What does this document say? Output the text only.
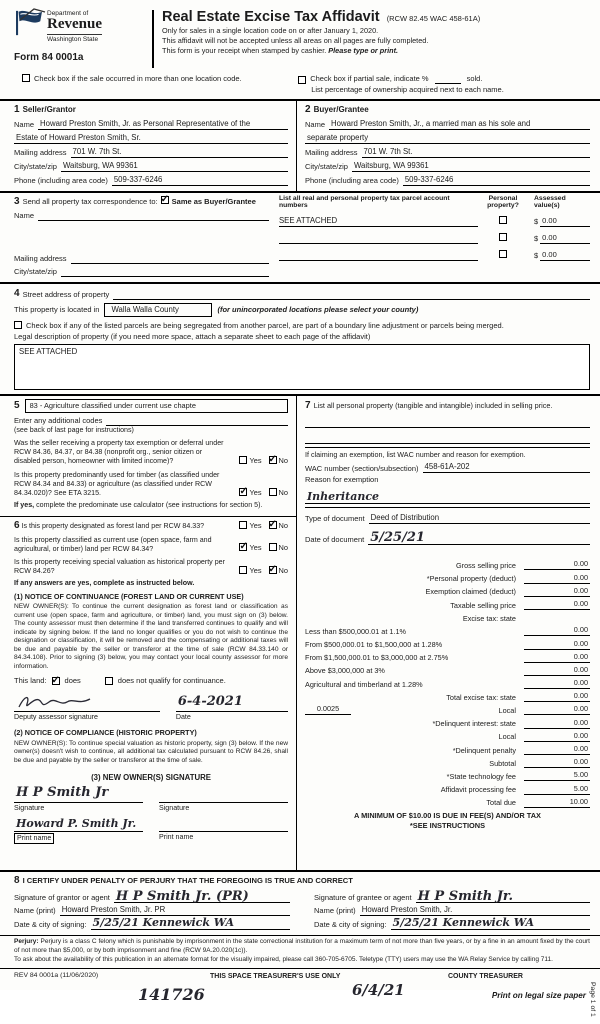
Department of
Revenue
Washington State
Form 84 0001a
Real Estate Excise Tax Affidavit (RCW 82.45 WAC 458-61A)
Only for sales in a single location code on or after January 1, 2020.
This affidavit will not be accepted unless all areas on all pages are fully completed.
This form is your receipt when stamped by cashier. Please type or print.
Check box if the sale occurred in more than one location code.	Check box if partial sale, indicate %	sold.
List percentage of ownership acquired next to each name.
1 Seller/Grantor
Name Howard Preston Smith, Jr. as Personal Representative of the
Estate of Howard Preston Smith, Sr.
Mailing address 701 W. 7th St.
City/state/zip Waitsburg, WA 99361
Phone (including area code) 509-337-6246
2 Buyer/Grantee
Name Howard Preston Smith, Jr., a married man as his sole and
separate property
Mailing address 701 W. 7th St.
City/state/zip Waitsburg, WA 99361
Phone (including area code) 509-337-6246
3 Send all property tax correspondence to: ✓ Same as Buyer/Grantee
Name
Mailing address
City/state/zip
List all real and personal property tax parcel account numbers
Personal property?
Assessed value(s)
SEE ATTACHED	$ 0.00
$ 0.00
$ 0.00
4 Street address of property
This property is located in	Walla Walla County	(for unincorporated locations please select your county)
Check box if any of the listed parcels are being segregated from another parcel, are part of a boundary line adjustment or parcels being merged.
Legal description of property (if you need more space, attach a separate sheet to each page of the affidavit)
SEE ATTACHED
5	83 - Agriculture classified under current use chapte
Enter any additional codes
(see back of last page for instructions)
Was the seller receiving a property tax exemption or deferral under RCW 84.36, 84.37, or 84.38 (nonprofit org., senior citizen or disabled person, homeowner with limited income)?	Yes ✓ No
Is this property predominantly used for timber (as classified under RCW 84.34 and 84.33) or agriculture (as classified under RCW 84.34.020)? See ETA 3215. ✓	Yes No
If yes, complete the predominate use calculator (see instructions for section 5).
6 Is this property designated as forest land per RCW 84.33?	Yes ✓ No
Is this property classified as current use (open space, farm and agricultural, or timber) land per RCW 84.34? ✓	Yes No
Is this property receiving special valuation as historical property per RCW 84.26?	Yes ✓ No
If any answers are yes, complete as instructed below.
(1) NOTICE OF CONTINUANCE (FOREST LAND OR CURRENT USE)
NEW OWNER(S): To continue the current designation as forest land or classification as current use (open space, farm and agriculture, or timber) land, you must sign on (3) below. The county assessor must then determine if the land transferred continues to qualify and will indicate by signing below. If the land no longer qualifies or you do not wish to continue the designation or classification, it will be removed and the compensating or additional taxes will be due and payable by the seller or transferor at the time of sale (RCW 84.33.140 or 84.34.108). Prior to signing (3) below, you may contact your local county assessor for more information.
This land: ✓ does	does not qualify for continuance.
Deputy assessor signature
6-4-2021
Date
(2) NOTICE OF COMPLIANCE (HISTORIC PROPERTY)
NEW OWNER(S): To continue special valuation as historic property, sign (3) below. If the new owner(s) doesn't wish to continue, all additional tax calculated pursuant to RCW 84.26, shall be due and payable by the seller or transferor at the time of sale.
(3) NEW OWNER(S) SIGNATURE
H P Smith Jr
Signature	Signature
Howard P. Smith Jr.
Print name	Print name
7 List all personal property (tangible and intangible) included in selling price.
If claiming an exemption, list WAC number and reason for exemption.
WAC number (section/subsection) 458-61A-202
Reason for exemption
Inheritance
Type of document Deed of Distribution
Date of document 5/25/21
Gross selling price	0.00
*Personal property (deduct)	0.00
Exemption claimed (deduct)	0.00
Taxable selling price	0.00
Excise tax: state
Less than $500,000.01 at 1.1%	0.00
From $500,000.01 to $1,500,000 at 1.28%	0.00
From $1,500,000.01 to $3,000,000 at 2.75%	0.00
Above $3,000,000 at 3%	0.00
Agricultural and timberland at 1.28%	0.00
Total excise tax: state	0.00
0.0025	Local	0.00
*Delinquent interest: state	0.00
Local	0.00
*Delinquent penalty	0.00
Subtotal	0.00
*State technology fee	5.00
Affidavit processing fee	5.00
Total due	10.00
A MINIMUM OF $10.00 IS DUE IN FEE(S) AND/OR TAX
*SEE INSTRUCTIONS
8 I CERTIFY UNDER PENALTY OF PERJURY THAT THE FOREGOING IS TRUE AND CORRECT
Signature of grantor or agent H P Smith Jr. (PR)
Name (print) Howard Preston Smith, Jr. PR
Date & city of signing: 5/25/21 Kennewick WA
Signature of grantee or agent H P Smith Jr.
Name (print) Howard Preston Smith, Jr.
Date & city of signing: 5/25/21 Kennewick WA
Perjury: Perjury is a class C felony which is punishable by imprisonment in the state correctional institution for a maximum term of not more than five years, or by a fine in an amount fixed by the court of not more than $5,000, or by both imprisonment and fine (RCW 9A.20.020(1c)).
To ask about the availability of this publication in an alternate format for the visually impaired, please call 360-705-6705. Teletype (TTY) users may use the WA Relay Service by calling 711.
REV 84 0001a (11/06/2020)	THIS SPACE TREASURER'S USE ONLY	COUNTY TREASURER
141726	6/4/21	Print on legal size paper Page 1 of 1
